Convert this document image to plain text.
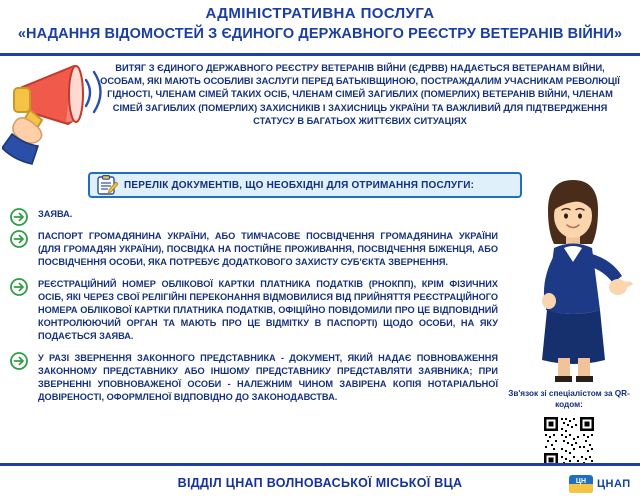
АДМІНІСТРАТИВНА ПОСЛУГА
«НАДАННЯ ВІДОМОСТЕЙ З ЄДИНОГО ДЕРЖАВНОГО РЕЄСТРУ ВЕТЕРАНІВ ВІЙНИ»
ВИТЯГ З ЄДИНОГО ДЕРЖАВНОГО РЕЄСТРУ ВЕТЕРАНІВ ВІЙНИ (ЄДРВВ) НАДАЄТЬСЯ ВЕТЕРАНАМ ВІЙНИ, ОСОБАМ, ЯКІ МАЮТЬ ОСОБЛИВІ ЗАСЛУГИ ПЕРЕД БАТЬКІВЩИНОЮ, ПОСТРАЖДАЛИМ УЧАСНИКАМ РЕВОЛЮЦІЇ ГІДНОСТІ, ЧЛЕНАМ СІМЕЙ ТАКИХ ОСІБ, ЧЛЕНАМ СІМЕЙ ЗАГИБЛИХ (ПОМЕРЛИХ) ВЕТЕРАНІВ ВІЙНИ, ЧЛЕНАМ СІМЕЙ ЗАГИБЛИХ (ПОМЕРЛИХ) ЗАХИСНИКІВ І ЗАХИСНИЦЬ УКРАЇНИ ТА ВАЖЛИВИЙ ДЛЯ ПІДТВЕРДЖЕННЯ СТАТУСУ В БАГАТЬОХ ЖИТТЄВИХ СИТУАЦІЯХ
ПЕРЕЛІК ДОКУМЕНТІВ, ЩО НЕОБХІДНІ ДЛЯ ОТРИМАННЯ ПОСЛУГИ:
ЗАЯВА.
ПАСПОРТ ГРОМАДЯНИНА УКРАЇНИ, АБО ТИМЧАСОВЕ ПОСВІДЧЕННЯ ГРОМАДЯНИНА УКРАЇНИ (ДЛЯ ГРОМАДЯН УКРАЇНИ), ПОСВІДКА НА ПОСТІЙНЕ ПРОЖИВАННЯ, ПОСВІДЧЕННЯ БІЖЕНЦЯ, АБО ПОСВІДЧЕННЯ ОСОБИ, ЯКА ПОТРЕБУЄ ДОДАТКОВОГО ЗАХИСТУ СУБ'ЄКТА ЗВЕРНЕННЯ.
РЕЄСТРАЦІЙНИЙ НОМЕР ОБЛІКОВОЇ КАРТКИ ПЛАТНИКА ПОДАТКІВ (РНОКПП), КРІМ ФІЗИЧНИХ ОСІБ, ЯКІ ЧЕРЕЗ СВОЇ РЕЛІГІЙНІ ПЕРЕКОНАННЯ ВІДМОВИЛИСЯ ВІД ПРИЙНЯТТЯ РЕЄСТРАЦІЙНОГО НОМЕРА ОБЛІКОВОЇ КАРТКИ ПЛАТНИКА ПОДАТКІВ, ОФІЦІЙНО ПОВІДОМИЛИ ПРО ЦЕ ВІДПОВІДНИЙ КОНТРОЛЮЮЧИЙ ОРГАН ТА МАЮТЬ ПРО ЦЕ ВІДМІТКУ В ПАСПОРТІ) ЩОДО ОСОБИ, НА ЯКУ ПОДАЄТЬСЯ ЗАЯВА.
У РАЗІ ЗВЕРНЕННЯ ЗАКОННОГО ПРЕДСТАВНИКА - ДОКУМЕНТ, ЯКИЙ НАДАЄ ПОВНОВАЖЕННЯ ЗАКОННОМУ ПРЕДСТАВНИКУ АБО ІНШОМУ ПРЕДСТАВНИКУ ПРЕДСТАВЛЯТИ ЗАЯВНИКА; ПРИ ЗВЕРНЕННІ УПОВНОВАЖЕНОЇ ОСОБИ - НАЛЕЖНИМ ЧИНОМ ЗАВІРЕНА КОПІЯ НОТАРІАЛЬНОЇ ДОВІРЕНОСТІ, ОФОРМЛЕНОЇ ВІДПОВІДНО ДО ЗАКОНОДАВСТВА.	Зв'язок зі спеціалістом за QR-кодом:
ВІДДІЛ ЦНАП ВОЛНОВАСЬКОЇ МІСЬКОЇ ВЦА	ЦН ЦНАП
